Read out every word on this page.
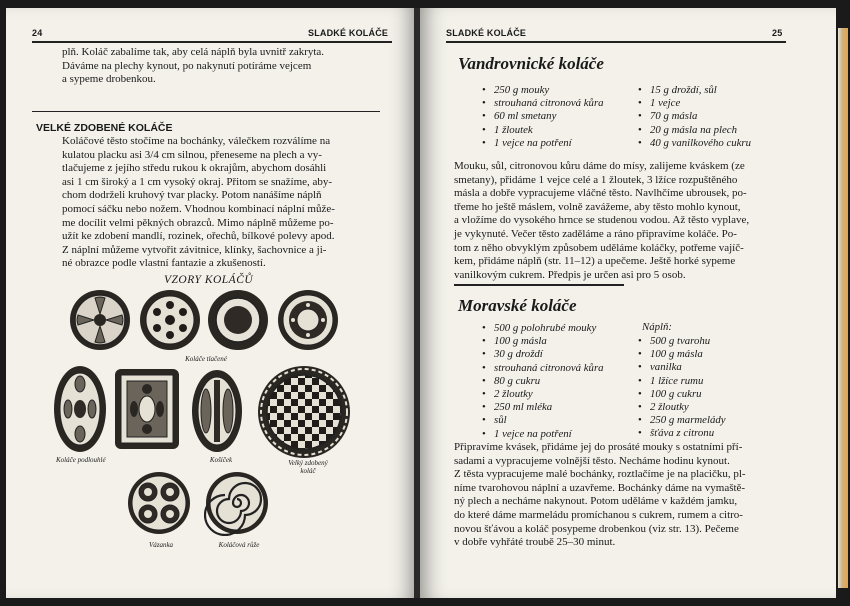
24	SLADKÉ KOLÁČE

plň. Koláč zabalíme tak, aby celá náplň byla uvnitř zakryta.

Dáváme na plechy kynout, po nakynutí potíráme vejcem

a sypeme drobenkou.

VELKÉ ZDOBENÉ KOLÁČE

Koláčové těsto stočíme na bochánky, válečkem rozválíme na

kulatou placku asi 3/4 cm silnou, přeneseme na plech a vy-

tlačujeme z jejího středu rukou k okrajům, abychom dosáhli

asi 1 cm široký a 1 cm vysoký okraj. Přitom se snažíme, aby-

chom dodrželi kruhový tvar placky. Potom nanášíme náplň

pomocí sáčku nebo nožem. Vhodnou kombinací náplní může-

me docílit velmi pěkných obrazců. Mimo náplně můžeme po-

užít ke zdobení mandlí, rozinek, ořechů, bílkové polevy apod.

Z náplní můžeme vytvořit závitnice, klínky, šachovnice a ji-

né obrazce podle vlastní fantazie a zkušeností.

VZORY KOLÁČŮ
Koláče tlačené
Koláče podlouhlé	Košíček	Velký zdobený
koláč
Vázanka	Koláčová růže
SLADKÉ KOLÁČE	25
Vandrovnické koláče
• 250 g mouky
• strouhaná citronová kůra
• 60 ml smetany
• 1 žloutek
• 1 vejce na potření
• 15 g droždí, sůl
• 1 vejce
• 70 g másla
• 20 g másla na plech
• 40 g vanilkového cukru

Mouku, sůl, citronovou kůru dáme do mísy, zalijeme kváskem (ze

smetany), přidáme 1 vejce celé a 1 žloutek, 3 lžíce rozpuštěného

másla a dobře vypracujeme vláčné těsto. Navlhčíme ubrousek, po-

třeme ho ještě máslem, volně zavážeme, aby těsto mohlo kynout,

a vložíme do vysokého hrnce se studenou vodou. Až těsto vyplave,

je vykynuté. Večer těsto zaděláme a ráno připravíme koláče. Po-

tom z něho obvyklým způsobem uděláme koláčky, potřeme vajíč-

kem, přidáme náplň (str. 11–12) a upečeme. Ještě horké sypeme

vanilkovým cukrem. Předpis je určen asi pro 5 osob.

Moravské koláče
• 500 g polohrubé mouky
• 100 g másla
• 30 g droždí
• strouhaná citronová kůra
• 80 g cukru
• 2 žloutky
• 250 ml mléka
• sůl
• 1 vejce na potření
Náplň:
• 500 g tvarohu
• 100 g másla
• vanilka
• 1 lžíce rumu
• 100 g cukru
• 2 žloutky
• 250 g marmelády
• šťáva z citronu

Připravíme kvásek, přidáme jej do prosáté mouky s ostatními pří-

sadami a vypracujeme volnější těsto. Necháme hodinu kynout.

Z těsta vypracujeme malé bochánky, roztlačíme je na placičku, pl-

níme tvarohovou náplní a uzavřeme. Bochánky dáme na vymaště-

ný plech a necháme nakynout. Potom uděláme v každém jamku,

do které dáme marmeládu promíchanou s cukrem, rumem a citro-

novou šťávou a koláč posypeme drobenkou (viz str. 13). Pečeme

v dobře vyhřáté troubě 25–30 minut.
